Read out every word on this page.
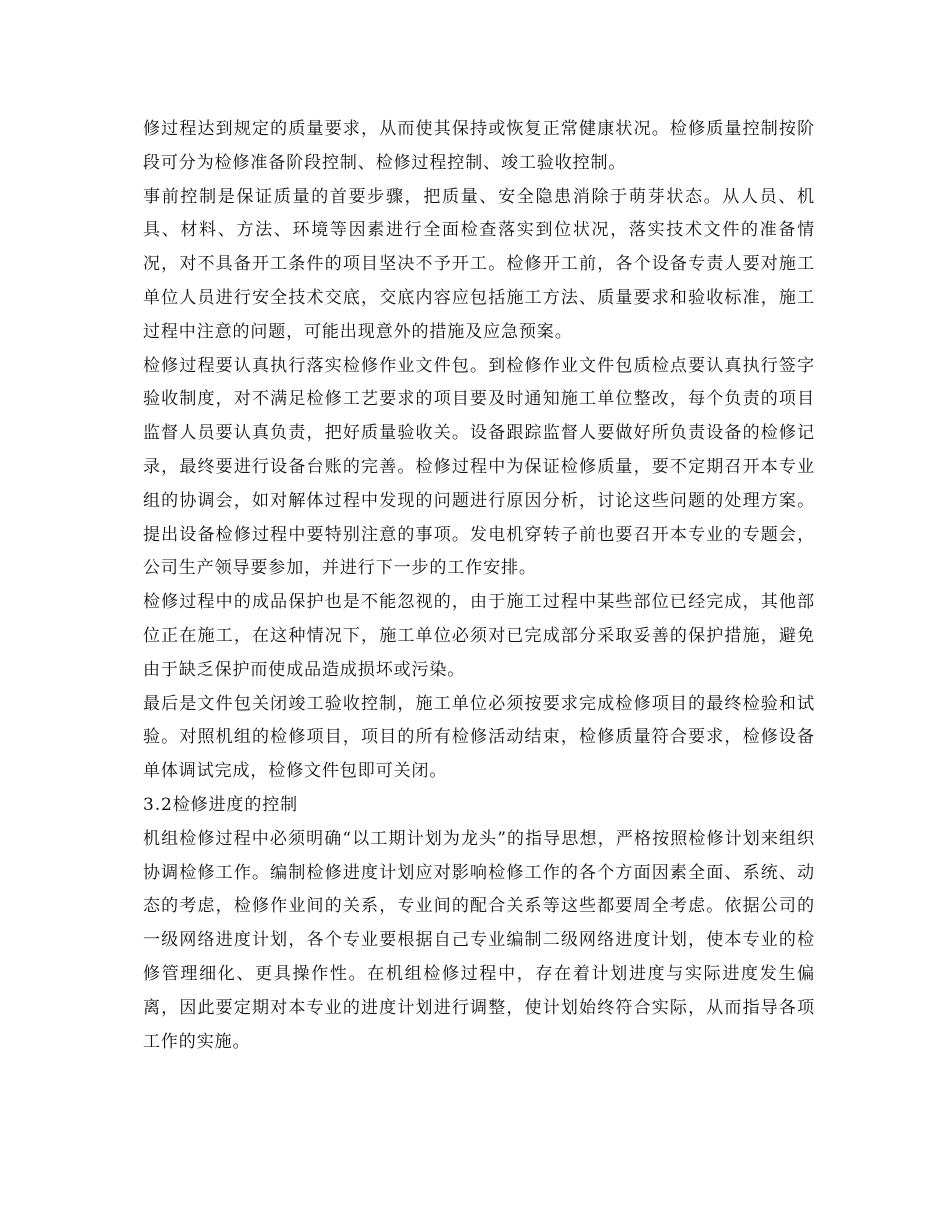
修过程达到规定的质量要求，从而使其保持或恢复正常健康状况。检修质量控制按阶段可分为检修准备阶段控制、检修过程控制、竣工验收控制。

事前控制是保证质量的首要步骤，把质量、安全隐患消除于萌芽状态。从人员、机具、材料、方法、环境等因素进行全面检查落实到位状况，落实技术文件的准备情况，对不具备开工条件的项目坚决不予开工。检修开工前，各个设备专责人要对施工单位人员进行安全技术交底，交底内容应包括施工方法、质量要求和验收标准，施工过程中注意的问题，可能出现意外的措施及应急预案。

检修过程要认真执行落实检修作业文件包。到检修作业文件包质检点要认真执行签字验收制度，对不满足检修工艺要求的项目要及时通知施工单位整改，每个负责的项目监督人员要认真负责，把好质量验收关。设备跟踪监督人要做好所负责设备的检修记录，最终要进行设备台账的完善。检修过程中为保证检修质量，要不定期召开本专业组的协调会，如对解体过程中发现的问题进行原因分析，讨论这些问题的处理方案。提出设备检修过程中要特别注意的事项。发电机穿转子前也要召开本专业的专题会，公司生产领导要参加，并进行下一步的工作安排。

检修过程中的成品保护也是不能忽视的，由于施工过程中某些部位已经完成，其他部位正在施工，在这种情况下，施工单位必须对已完成部分采取妥善的保护措施，避免由于缺乏保护而使成品造成损坏或污染。

最后是文件包关闭竣工验收控制，施工单位必须按要求完成检修项目的最终检验和试验。对照机组的检修项目，项目的所有检修活动结束，检修质量符合要求，检修设备单体调试完成，检修文件包即可关闭。

3.2检修进度的控制

机组检修过程中必须明确“以工期计划为龙头”的指导思想，严格按照检修计划来组织协调检修工作。编制检修进度计划应对影响检修工作的各个方面因素全面、系统、动态的考虑，检修作业间的关系，专业间的配合关系等这些都要周全考虑。依据公司的一级网络进度计划，各个专业要根据自己专业编制二级网络进度计划，使本专业的检修管理细化、更具操作性。在机组检修过程中，存在着计划进度与实际进度发生偏离，因此要定期对本专业的进度计划进行调整，使计划始终符合实际，从而指导各项工作的实施。
